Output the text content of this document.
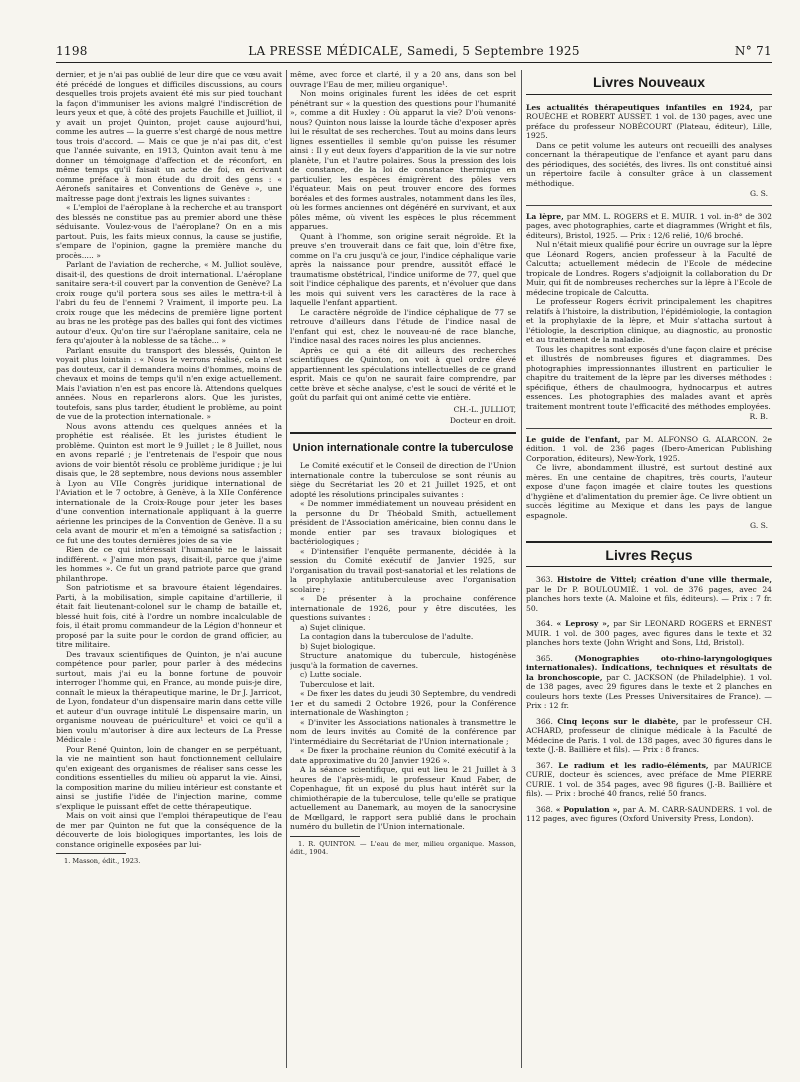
1198	LA PRESSE MÉDICALE, Samedi, 5 Septembre 1925	N° 71

dernier, et je n'ai pas oublié de leur dire que ce vœu avait été précédé de longues et difficiles discussions, au cours desquelles trois projets avaient été mis sur pied touchant la façon d'immuniser les avions malgré l'indiscrétion de leurs yeux et que, à côté des projets Fauchille et Juilliot, il y avait un projet Quinton, projet cause aujourd'hui, comme les autres — la guerre s'est chargé de nous mettre tous trois d'accord. — Mais ce que je n'ai pas dit, c'est que l'année suivante, en 1913, Quinton avait tenu à me donner un témoignage d'affection et de réconfort, en même temps qu'il faisait un acte de foi, en écrivant comme préface à mon étude du droit des gens : « Aéronefs sanitaires et Conventions de Genève », une maîtresse page dont j'extrais les lignes suivantes :

« L'emploi de l'aéroplane à la recherche et au transport des blessés ne constitue pas au premier abord une thèse séduisante. Voulez-vous de l'aéroplane? On en a mis partout. Puis, les faits mieux connus, la cause se justifie, s'empare de l'opinion, gagne la première manche du procès..... »

Parlant de l'aviation de recherche, « M. Julliot soulève, disait-il, des questions de droit international. L'aéroplane sanitaire sera-t-il couvert par la convention de Genève? La croix rouge qu'il portera sous ses ailes le mettra-t-il à l'abri du feu de l'ennemi ? Vraiment, il importe peu. La croix rouge que les médecins de première ligne portent au bras ne les protège pas des balles qui font des victimes autour d'eux. Qu'on tire sur l'aéroplane sanitaire, cela ne fera qu'ajouter à la noblesse de sa tâche... »

Parlant ensuite du transport des blessés, Quinton le voyait plus lointain : « Nous le verrons réalisé, cela n'est pas douteux, car il demandera moins d'hommes, moins de chevaux et moins de temps qu'il n'en exige actuellement. Mais l'aviation n'en est pas encore là. Attendons quelques années. Nous en reparlerons alors. Que les juristes, toutefois, sans plus tarder, étudient le problème, au point de vue de la protection internationale. »

Nous avons attendu ces quelques années et la prophétie est réalisée. Et les juristes étudient le problème. Quinton est mort le 9 Juillet ; le 8 Juillet, nous en avons reparlé ; je l'entretenais de l'espoir que nous avions de voir bientôt résolu ce problème juridique ; je lui disais que, le 28 septembre, nous devions nous assembler à Lyon au VIIe Congrès juridique international de l'Aviation et le 7 octobre, à Genève, à la XIIe Conférence internationale de la Croix-Rouge pour jeter les bases d'une convention internationale appliquant à la guerre aérienne les principes de la Convention de Genève. Il a su cela avant de mourir et m'en a témoigné sa satisfaction ; ce fut une des toutes dernières joies de sa vie

Rien de ce qui intéressait l'humanité ne le laissait indifférent. « J'aime mon pays, disait-il, parce que j'aime les hommes ». Ce fut un grand patriote parce que grand philanthrope.

Son patriotisme et sa bravoure étaient légendaires. Parti, à la mobilisation, simple capitaine d'artillerie, il était fait lieutenant-colonel sur le champ de bataille et, blessé huit fois, cité à l'ordre un nombre incalculable de fois, il était promu commandeur de la Légion d'honneur et proposé par la suite pour le cordon de grand officier, au titre militaire.

Des travaux scientifiques de Quinton, je n'ai aucune compétence pour parler, pour parler à des médecins surtout, mais j'ai eu la bonne fortune de pouvoir interroger l'homme qui, en France, au monde puis-je dire, connaît le mieux la thérapeutique marine, le Dr J. Jarricot, de Lyon, fondateur d'un dispensaire marin dans cette ville et auteur d'un ouvrage intitulé Le dispensaire marin, un organisme nouveau de puériculture¹ et voici ce qu'il a bien voulu m'autoriser à dire aux lecteurs de La Presse Médicale :

Pour René Quinton, loin de changer en se perpétuant, la vie ne maintient son haut fonctionnement cellulaire qu'en exigeant des organismes de réaliser sans cesse les conditions essentielles du milieu où apparut la vie. Ainsi, la composition marine du milieu intérieur est constante et ainsi se justifie l'idée de l'injection marine, comme s'explique le puissant effet de cette thérapeutique.

Mais on voit ainsi que l'emploi thérapeutique de l'eau de mer par Quinton ne fut que la conséquence de la découverte de lois biologiques importantes, les lois de constance originelle exposées par lui-

1. Masson, édit., 1923.

même, avec force et clarté, il y a 20 ans, dans son bel ouvrage l'Eau de mer, milieu organique¹.

Non moins originales furent les idées de cet esprit pénétrant sur « la question des questions pour l'humanité », comme a dit Huxley : Où apparut la vie? D'où venons-nous? Quinton nous laisse la lourde tâche d'exposer après lui le résultat de ses recherches. Tout au moins dans leurs lignes essentielles il semble qu'on puisse les résumer ainsi : Il y eut deux foyers d'apparition de la vie sur notre planète, l'un et l'autre polaires. Sous la pression des lois de constance, de la loi de constance thermique en particulier, les espèces émigrèrent des pôles vers l'équateur. Mais on peut trouver encore des formes boréales et des formes australes, notamment dans les îles, où les formes anciennes ont dégénéré en survivant, et aux pôles même, où vivent les espèces le plus récemment apparues.

Quant à l'homme, son origine serait négroïde. Et la preuve s'en trouverait dans ce fait que, loin d'être fixe, comme on l'a cru jusqu'à ce jour, l'indice céphalique varie après la naissance pour prendre, aussitôt effacé le traumatisme obstétrical, l'indice uniforme de 77, quel que soit l'indice céphalique des parents, et n'évoluer que dans les mois qui suivent vers les caractères de la race à laquelle l'enfant appartient.

Le caractère négroïde de l'indice céphalique de 77 se retrouve d'ailleurs dans l'étude de l'indice nasal de l'enfant qui est, chez le nouveau-né de race blanche, l'indice nasal des races noires les plus anciennes.

Après ce qui a été dit ailleurs des recherches scientifiques de Quinton, on voit à quel ordre élevé appartiennent les spéculations intellectuelles de ce grand esprit. Mais ce qu'on ne saurait faire comprendre, par cette brève et sèche analyse, c'est le souci de vérité et le goût du parfait qui ont animé cette vie entière.

CH.-L. JULLIOT,

Docteur en droit.

Union internationale contre la tuberculose

Le Comité exécutif et le Conseil de direction de l'Union internationale contre la tuberculose se sont réunis au siège du Secrétariat les 20 et 21 Juillet 1925, et ont adopté les résolutions principales suivantes :

« De nommer immédiatement un nouveau président en la personne du Dr Théobald Smith, actuellement président de l'Association américaine, bien connu dans le monde entier par ses travaux biologiques et bactériologiques ;

« D'intensifier l'enquête permanente, décidée à la session du Comité exécutif de Janvier 1925, sur l'organisation du travail post-sanatorial et les relations de la prophylaxie antituberculeuse avec l'organisation scolaire ;

« De présenter à la prochaine conférence internationale de 1926, pour y être discutées, les questions suivantes :

a) Sujet clinique.

La contagion dans la tuberculose de l'adulte.

b) Sujet biologique.

Structure anatomique du tubercule, histogénèse jusqu'à la formation de cavernes.

c) Lutte sociale.

Tuberculose et lait.

« De fixer les dates du jeudi 30 Septembre, du vendredi 1er et du samedi 2 Octobre 1926, pour la Conférence internationale de Washington ;

« D'inviter les Associations nationales à transmettre le nom de leurs invités au Comité de la conférence par l'intermédiaire du Secrétariat de l'Union internationale ;

« De fixer la prochaine réunion du Comité exécutif à la date approximative du 20 Janvier 1926 ».

A la séance scientifique, qui eut lieu le 21 Juillet à 3 heures de l'après-midi, le professeur Knud Faber, de Copenhague, fit un exposé du plus haut intérêt sur la chimiothérapie de la tuberculose, telle qu'elle se pratique actuellement au Danemark, au moyen de la sanocrysine de Mœllgard, le rapport sera publié dans le prochain numéro du bulletin de l'Union internationale.

1. R. QUINTON. — L'eau de mer, milieu organique. Masson, édit., 1904.

Livres Nouveaux

Les actualités thérapeutiques infantiles en 1924, par ROUÈCHE et ROBERT AUSSET. 1 vol. de 130 pages, avec une préface du professeur NOBÉCOURT (Plateau, éditeur), Lille, 1925.

Dans ce petit volume les auteurs ont recueilli des analyses concernant la thérapeutique de l'enfance et ayant paru dans des périodiques, des sociétés, des livres. Ils ont constitué ainsi un répertoire facile à consulter grâce à un classement méthodique.

G. S.

La lèpre, par MM. L. ROGERS et E. MUIR. 1 vol. in-8° de 302 pages, avec photographies, carte et diagrammes (Wright et fils, éditeurs), Bristol, 1925. — Prix : 12/6 relié, 10/6 broché.

Nul n'était mieux qualifié pour écrire un ouvrage sur la lèpre que Léonard Rogers, ancien professeur à la Faculté de Calcutta; actuellement médecin de l'Ecole de médecine tropicale de Londres. Rogers s'adjoignit la collaboration du Dr Muir, qui fit de nombreuses recherches sur la lèpre à l'Ecole de médecine tropicale de Calcutta.

Le professeur Rogers écrivit principalement les chapitres relatifs à l'histoire, la distribution, l'épidémiologie, la contagion et la prophylaxie de la lèpre, et Muir s'attacha surtout à l'étiologie, la description clinique, au diagnostic, au pronostic et au traitement de la maladie.

Tous les chapitres sont exposés d'une façon claire et précise et illustrés de nombreuses figures et diagrammes. Des photographies impressionnantes illustrent en particulier le chapitre du traitement de la lèpre par les diverses méthodes : spécifique, éthers de chaulmoogra, hydnocarpus et autres essences. Les photographies des malades avant et après traitement montrent toute l'efficacité des méthodes employées.

R. B.

Le guide de l'enfant, par M. ALFONSO G. ALARCON. 2e édition. 1 vol. de 236 pages (Ibero-American Publishing Corporation, éditeurs), New-York, 1925.

Ce livre, abondamment illustré, est surtout destiné aux mères. En une centaine de chapitres, très courts, l'auteur expose d'une façon imagée et claire toutes les questions d'hygiène et d'alimentation du premier âge. Ce livre obtient un succès légitime au Mexique et dans les pays de langue espagnole.

G. S.

Livres Reçus

363. Histoire de Vittel; création d'une ville thermale, par le Dr P. BOULOUMIÉ. 1 vol. de 376 pages, avec 24 planches hors texte (A. Maloine et fils, éditeurs). — Prix : 7 fr. 50.

364. « Leprosy », par Sir LEONARD ROGERS et ERNEST MUIR. 1 vol. de 300 pages, avec figures dans le texte et 32 planches hors texte (John Wright and Sons, Ltd, Bristol).

365.	(Monographies oto-rhino-laryngologiques internationales). Indications, techniques et résultats de la bronchoscopie, par C. JACKSON (de Philadelphie). 1 vol. de 138 pages, avec 29 figures dans le texte et 2 planches en couleurs hors texte (Les Presses Universitaires de France). — Prix : 12 fr.

366. Cinq leçons sur le diabète, par le professeur CH. ACHARD, professeur de clinique médicale à la Faculté de Médecine de Paris. 1 vol. de 138 pages, avec 30 figures dans le texte (J.-B. Baillière et fils). — Prix : 8 francs.

367. Le radium et les radio-éléments, par MAURICE CURIE, docteur ès sciences, avec préface de Mme PIERRE CURIE. 1 vol. de 354 pages, avec 98 figures (J.-B. Baillière et fils). — Prix : broché 40 francs, relié 50 francs.

368. « Population », par A. M. CARR-SAUNDERS. 1 vol. de 112 pages, avec figures (Oxford University Press, London).
